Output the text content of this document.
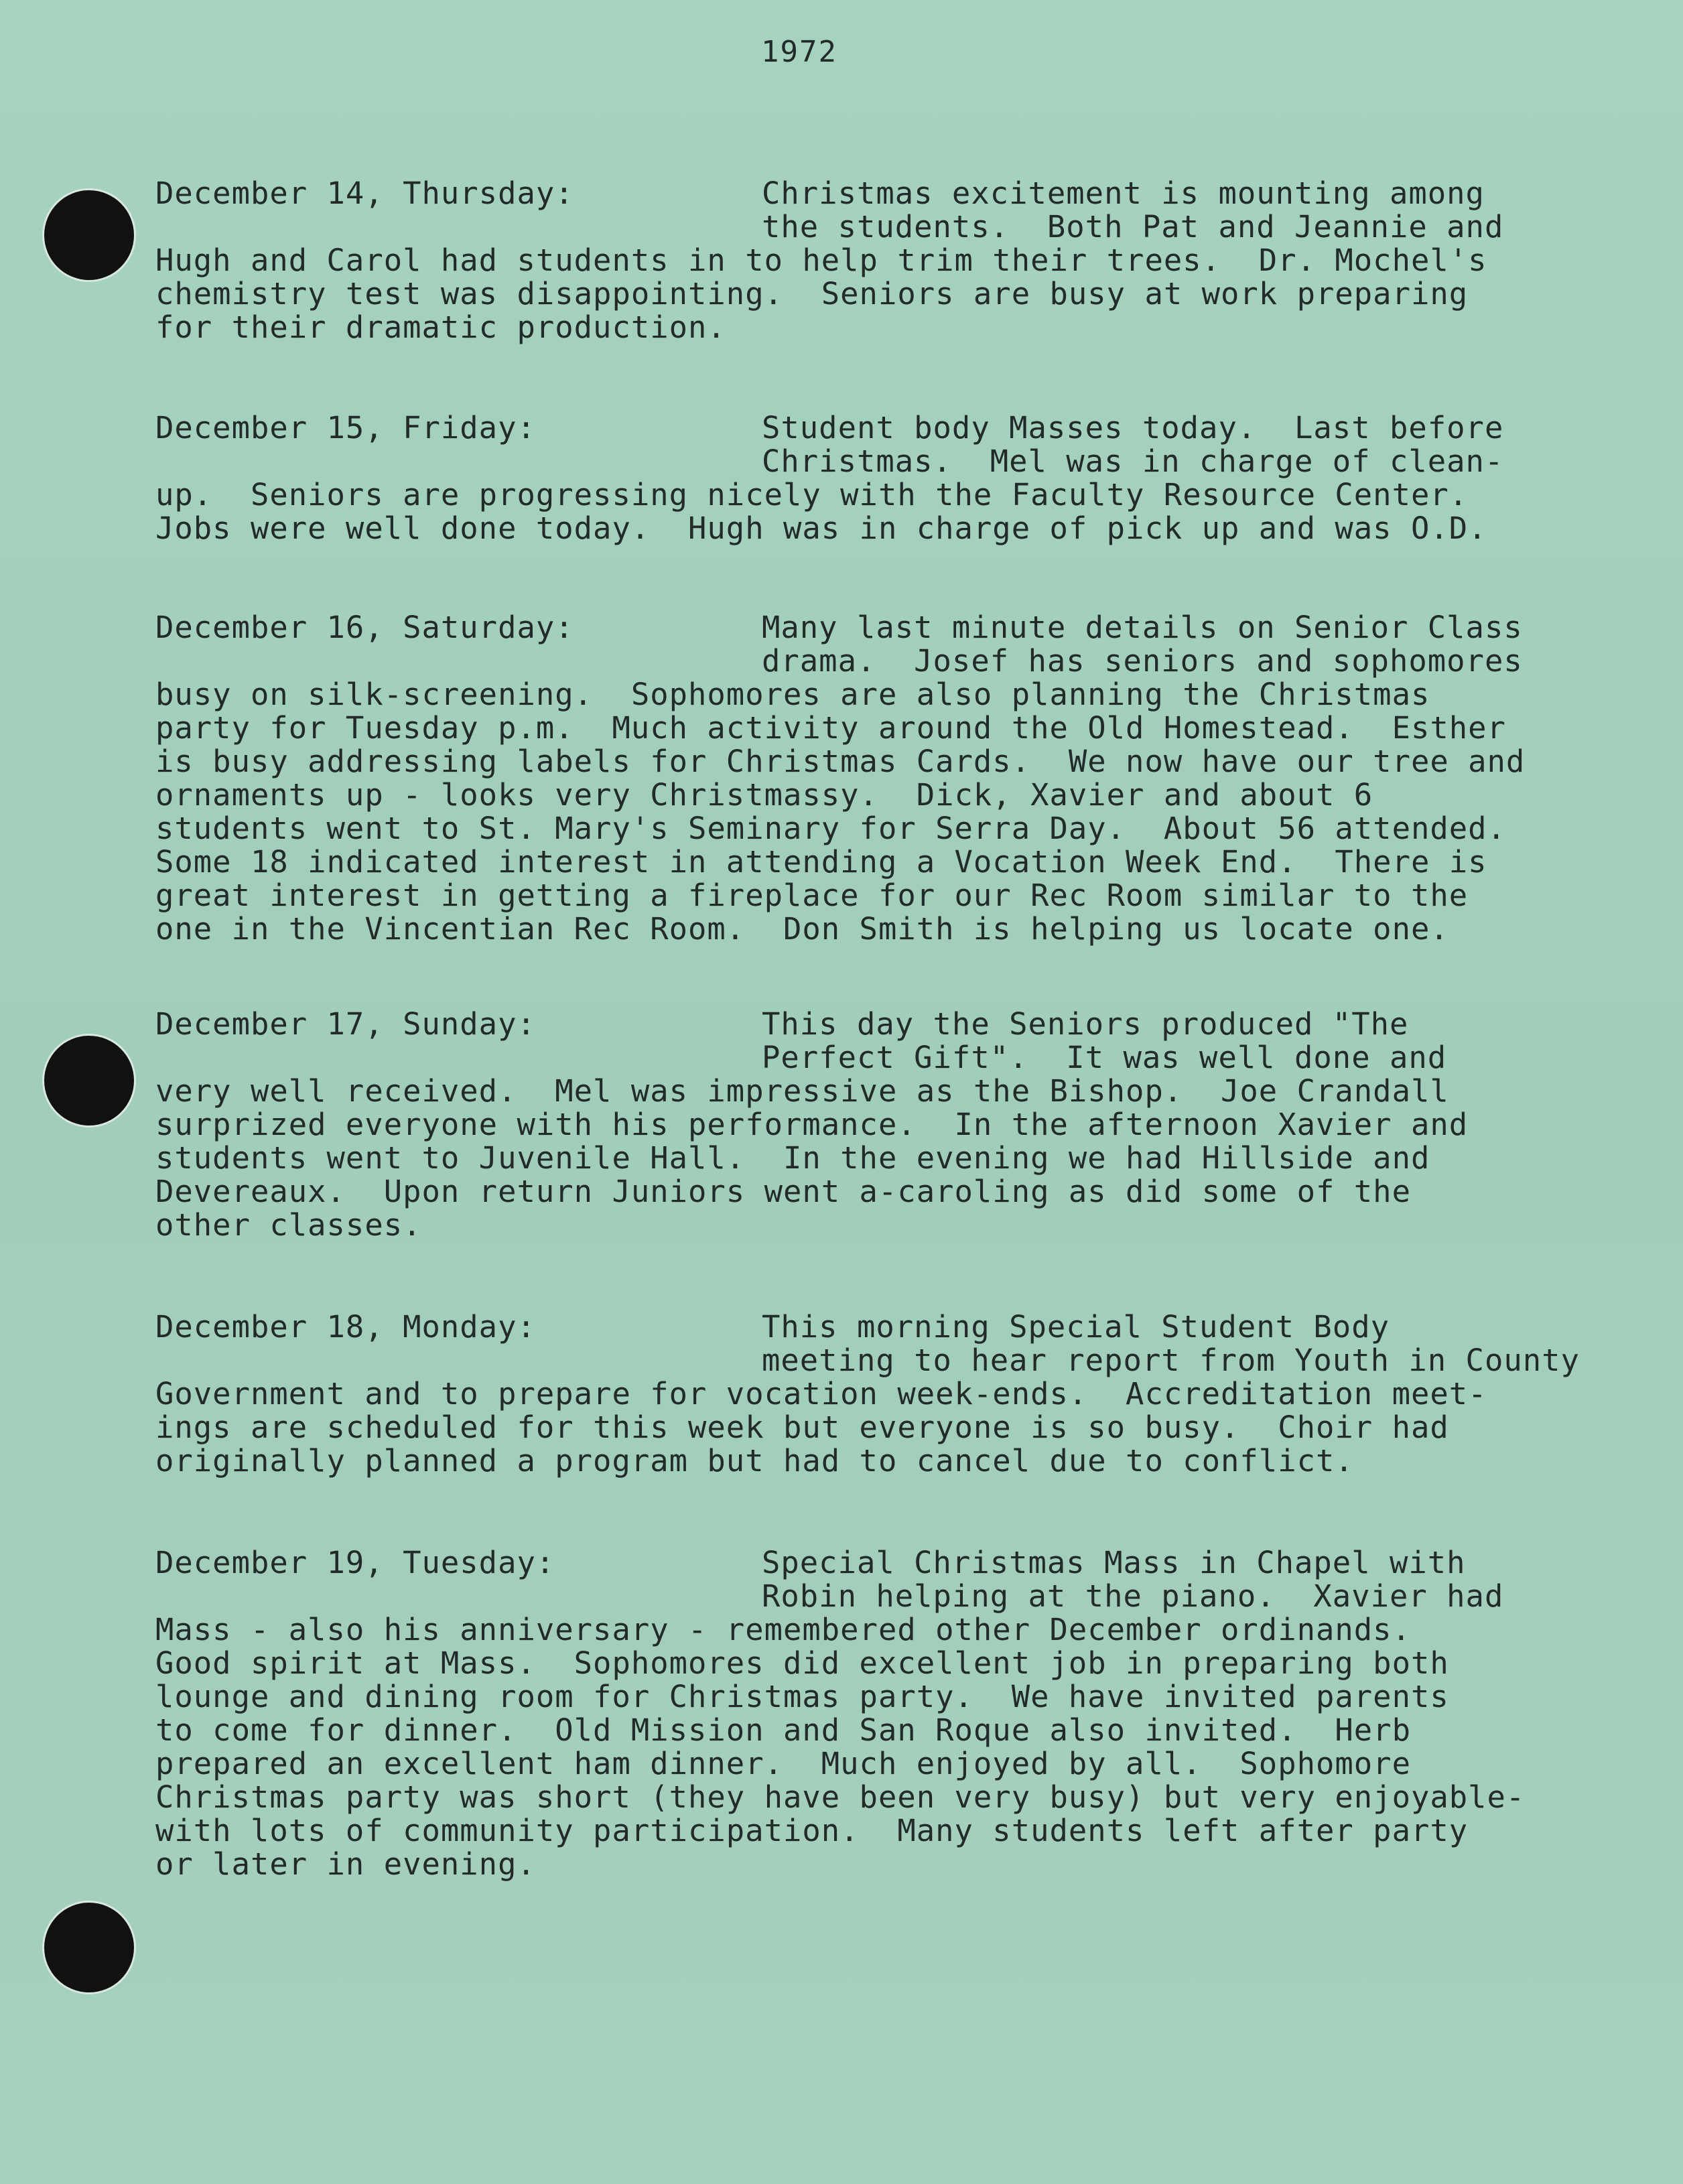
1972
December 14, Thursday:	Christmas excitement is mounting among
the students.  Both Pat and Jeannie and
Hugh and Carol had students in to help trim their trees.  Dr. Mochel's
chemistry test was disappointing.  Seniors are busy at work preparing
for their dramatic production.
December 15, Friday:	Student body Masses today.  Last before
Christmas.  Mel was in charge of clean-
up.  Seniors are progressing nicely with the Faculty Resource Center.
Jobs were well done today.  Hugh was in charge of pick up and was O.D.
December 16, Saturday:	Many last minute details on Senior Class
drama.  Josef has seniors and sophomores
busy on silk-screening.  Sophomores are also planning the Christmas
party for Tuesday p.m.  Much activity around the Old Homestead.  Esther
is busy addressing labels for Christmas Cards.  We now have our tree and
ornaments up - looks very Christmassy.  Dick, Xavier and about 6
students went to St. Mary's Seminary for Serra Day.  About 56 attended.
Some 18 indicated interest in attending a Vocation Week End.  There is
great interest in getting a fireplace for our Rec Room similar to the
one in the Vincentian Rec Room.  Don Smith is helping us locate one.
December 17, Sunday:	This day the Seniors produced "The
Perfect Gift".  It was well done and
very well received.  Mel was impressive as the Bishop.  Joe Crandall
surprized everyone with his performance.  In the afternoon Xavier and
students went to Juvenile Hall.  In the evening we had Hillside and
Devereaux.  Upon return Juniors went a-caroling as did some of the
other classes.
December 18, Monday:	This morning Special Student Body
meeting to hear report from Youth in County
Government and to prepare for vocation week-ends.  Accreditation meet-
ings are scheduled for this week but everyone is so busy.  Choir had
originally planned a program but had to cancel due to conflict.
December 19, Tuesday:	Special Christmas Mass in Chapel with
Robin helping at the piano.  Xavier had
Mass - also his anniversary - remembered other December ordinands.
Good spirit at Mass.  Sophomores did excellent job in preparing both
lounge and dining room for Christmas party.  We have invited parents
to come for dinner.  Old Mission and San Roque also invited.  Herb
prepared an excellent ham dinner.  Much enjoyed by all.  Sophomore
Christmas party was short (they have been very busy) but very enjoyable-
with lots of community participation.  Many students left after party
or later in evening.
